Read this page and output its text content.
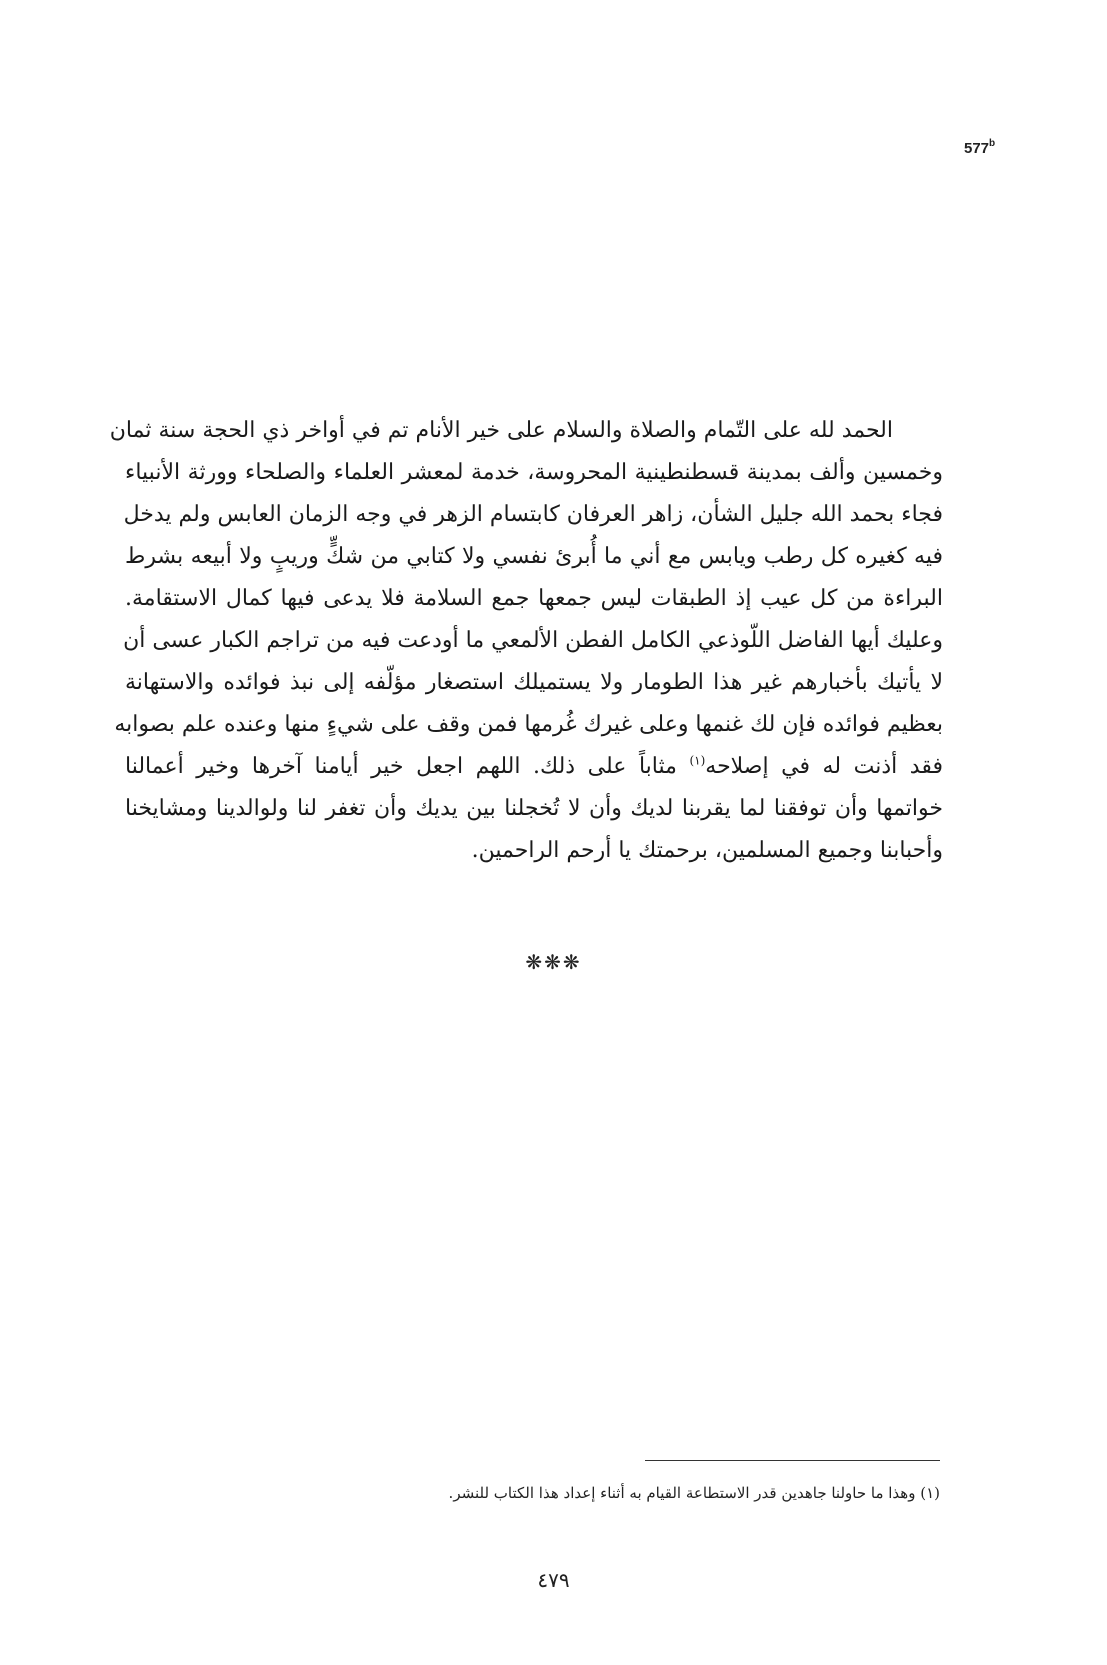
577$^b$
الحمد لله على التّمام والصلاة والسلام على خير الأنام تم في أواخر ذي الحجة سنة ثمان
وخمسين وألف بمدينة قسطنطينية المحروسة، خدمة لمعشر العلماء والصلحاء وورثة الأنبياء
فجاء بحمد الله جليل الشأن، زاهر العرفان كابتسام الزهر في وجه الزمان العابس ولم يدخل
فيه كغيره كل رطب ويابس مع أني ما أُبرئ نفسي ولا كتابي من شكٍّ وريبٍ ولا أبيعه بشرط
البراءة من كل عيب إذ الطبقات ليس جمعها جمع السلامة فلا يدعى فيها كمال الاستقامة.
وعليك أيها الفاضل اللّوذعي الكامل الفطن الألمعي ما أودعت فيه من تراجم الكبار عسى أن
لا يأتيك بأخبارهم غير هذا الطومار ولا يستميلك استصغار مؤلّفه إلى نبذ فوائده والاستهانة
بعظيم فوائده فإن لك غنمها وعلى غيرك غُرمها فمن وقف على شيءٍ منها وعنده علم بصوابه
فقد أذنت له في إصلاحه$^{(١)}$ مثاباً على ذلك. اللهم اجعل خير أيامنا آخرها وخير أعمالنا
خواتمها وأن توفقنا لما يقربنا لديك وأن لا تُخجلنا بين يديك وأن تغفر لنا ولوالدينا ومشايخنا
وأحبابنا وجميع المسلمين، برحمتك يا أرحم الراحمين.
❋❋❋
(١) وهذا ما حاولنا جاهدين قدر الاستطاعة القيام به أثناء إعداد هذا الكتاب للنشر.
٤٧٩
